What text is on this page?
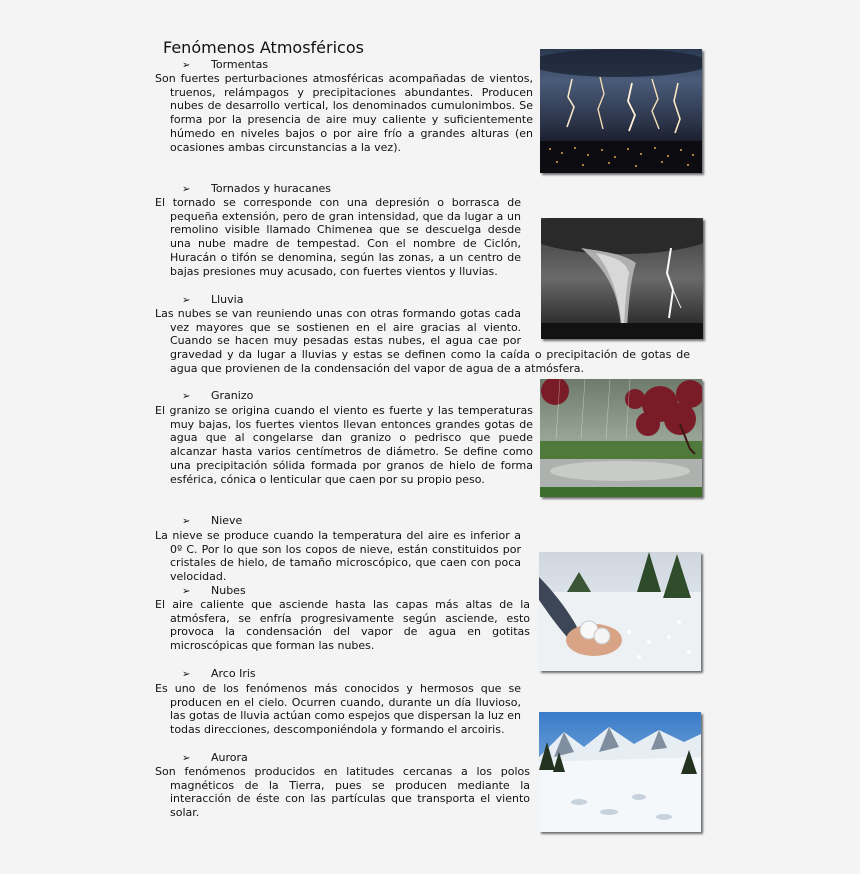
Fenómenos Atmosféricos
➢ Tormentas
Son fuertes perturbaciones atmosféricas acompañadas de vientos, truenos, relámpagos y precipitaciones abundantes. Producen nubes de desarrollo vertical, los denominados cumulonimbos. Se forma por la presencia de aire muy caliente y suficientemente húmedo en niveles bajos o por aire frío a grandes alturas (en ocasiones ambas circunstancias a la vez).
➢ Tornados y huracanes
El tornado se corresponde con una depresión o borrasca de pequeña extensión, pero de gran intensidad, que da lugar a un remolino visible llamado Chimenea que se descuelga desde una nube madre de tempestad. Con el nombre de Ciclón, Huracán o tifón se denomina, según las zonas, a un centro de bajas presiones muy acusado, con fuertes vientos y lluvias.
➢ Lluvia
Las nubes se van reuniendo unas con otras formando gotas cada vez mayores que se sostienen en el aire gracias al viento. Cuando se hacen muy pesadas estas nubes, el agua cae por gravedad y da lugar a lluvias y estas se definen como la caída o precipitación de gotas de agua que provienen de la condensación del vapor de agua de a atmósfera.
➢ Granizo
El granizo se origina cuando el viento es fuerte y las temperaturas muy bajas, los fuertes vientos llevan entonces grandes gotas de agua que al congelarse dan granizo o pedrisco que puede alcanzar hasta varios centímetros de diámetro. Se define como una precipitación sólida formada por granos de hielo de forma esférica, cónica o lenticular que caen por su propio peso.
➢ Nieve
La nieve se produce cuando la temperatura del aire es inferior a 0º C. Por lo que son los copos de nieve, están constituidos por cristales de hielo, de tamaño microscópico, que caen con poca velocidad.
➢ Nubes
El aire caliente que asciende hasta las capas más altas de la atmósfera, se enfría progresivamente según asciende, esto provoca la condensación del vapor de agua en gotitas microscópicas que forman las nubes.
➢ Arco Iris
Es uno de los fenómenos más conocidos y hermosos que se producen en el cielo. Ocurren cuando, durante un día lluvioso, las gotas de lluvia actúan como espejos que dispersan la luz en todas direcciones, descomponiéndola y formando el arcoiris.
➢ Aurora
Son fenómenos producidos en latitudes cercanas a los polos magnéticos de la Tierra, pues se producen mediante la interacción de éste con las partículas que transporta el viento solar.
